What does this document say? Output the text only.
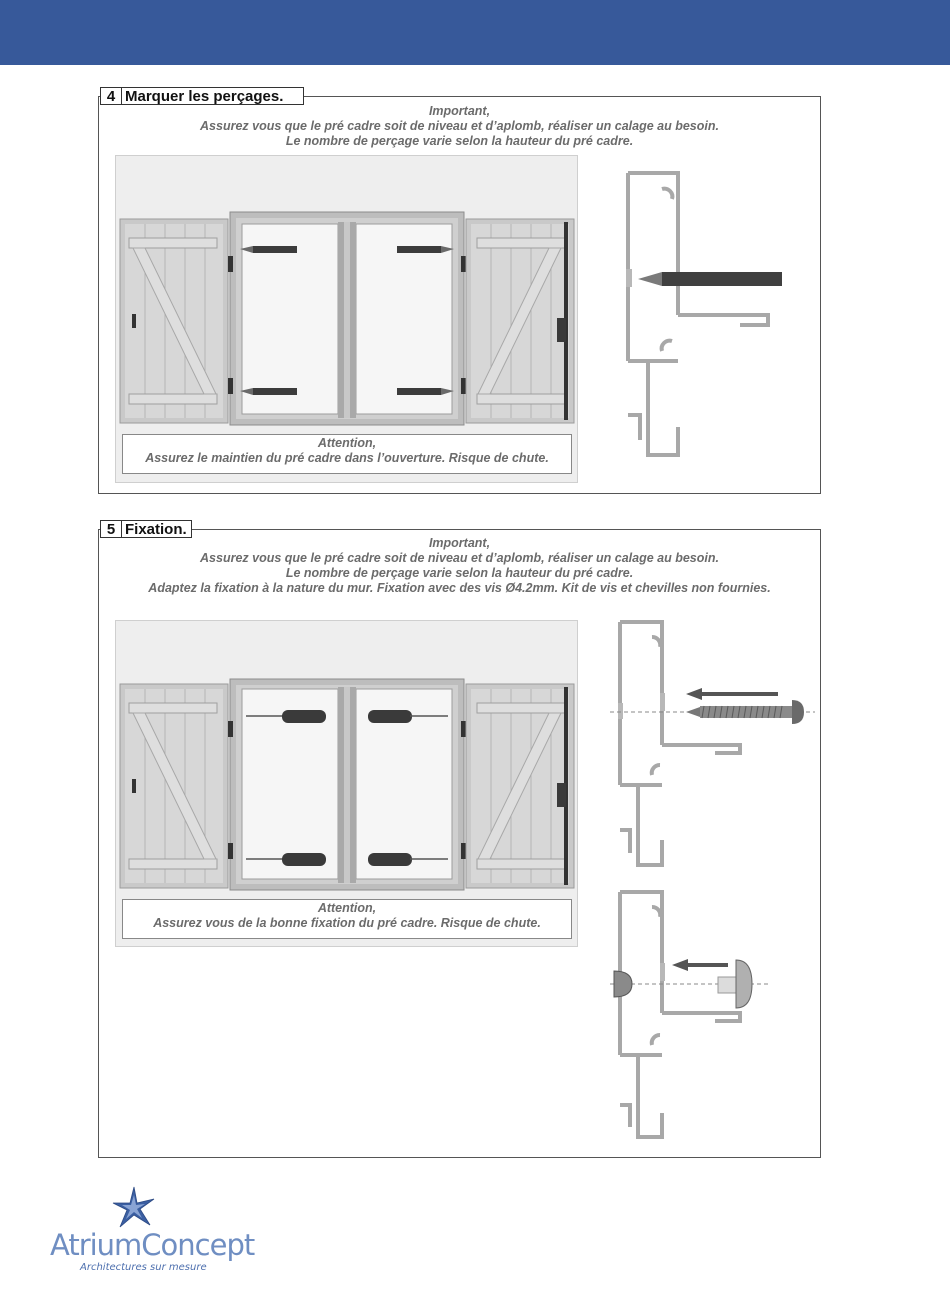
Important,
Assurez vous que le pré cadre soit de niveau et d’aplomb, réaliser un calage au besoin.
Le nombre de perçage varie selon la hauteur du pré cadre.
4 Marquer les perçages.
Attention,
Assurez le maintien du pré cadre dans l’ouverture. Risque de chute.
Important,
Assurez vous que le pré cadre soit de niveau et d’aplomb, réaliser un calage au besoin.
Le nombre de perçage varie selon la hauteur du pré cadre.
Adaptez la fixation à la nature du mur. Fixation avec des vis Ø4.2mm. Kit de vis et chevilles non fournies.
5 Fixation.
Attention,
Assurez vous de la bonne fixation du pré cadre. Risque de chute.
AtriumConcept
Architectures sur mesure
